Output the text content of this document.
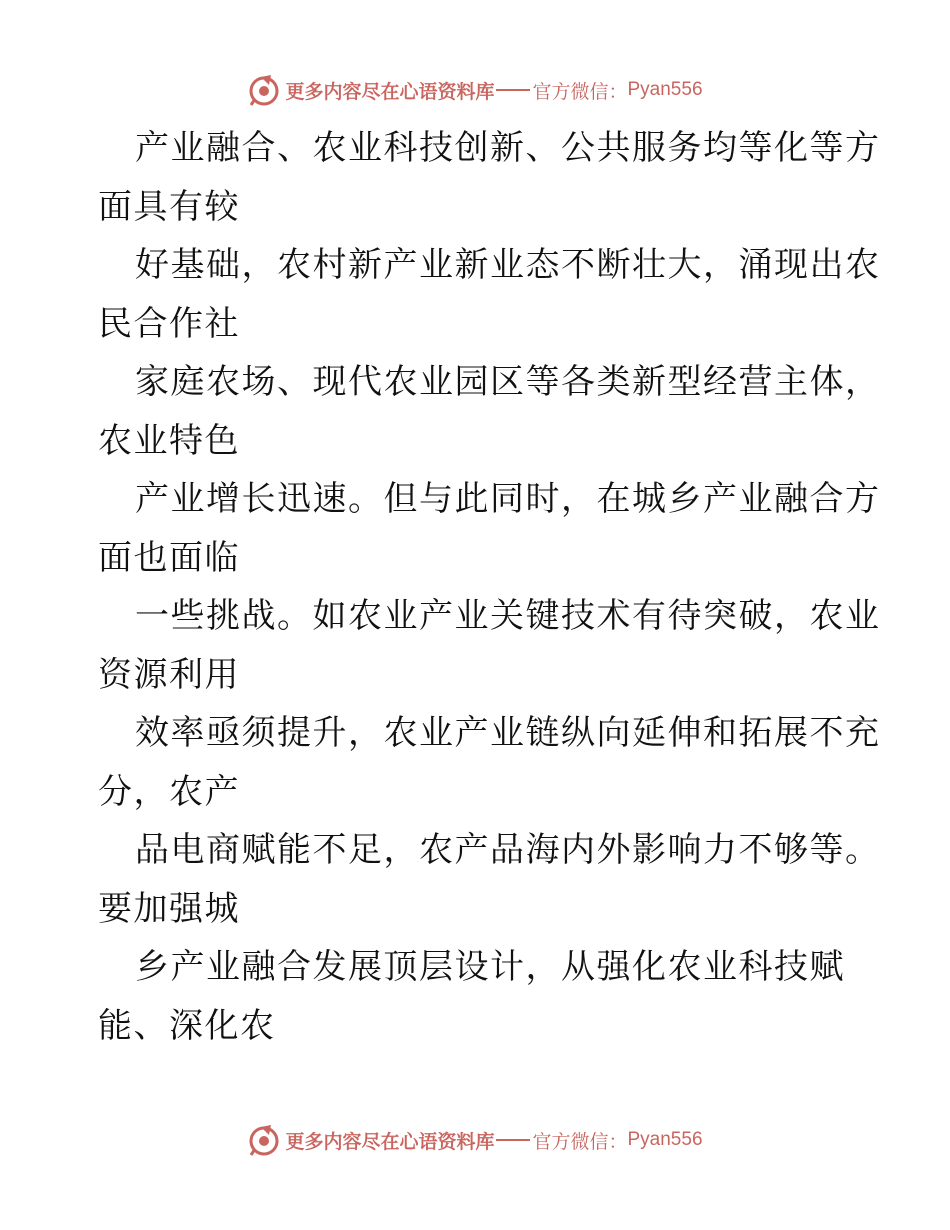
更多内容尽在心语资料库 官方微信： Pyan556
产业融合、农业科技创新、公共服务均等化等方
面具有较
好基础，农村新产业新业态不断壮大，涌现出农
民合作社
家庭农场、现代农业园区等各类新型经营主体，
农业特色
产业增长迅速。但与此同时，在城乡产业融合方
面也面临
一些挑战。如农业产业关键技术有待突破，农业
资源利用
效率亟须提升，农业产业链纵向延伸和拓展不充
分，农产
品电商赋能不足，农产品海内外影响力不够等。
要加强城
乡产业融合发展顶层设计，从强化农业科技赋
能、深化农
更多内容尽在心语资料库 官方微信： Pyan556
